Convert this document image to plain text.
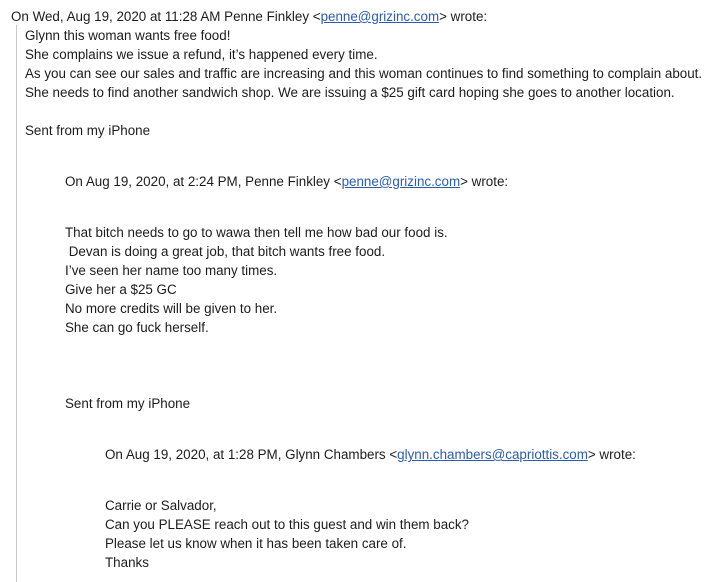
On Wed, Aug 19, 2020 at 11:28 AM Penne Finkley <penne@grizinc.com> wrote:
Glynn this woman wants free food!
She complains we issue a refund, it’s happened every time.
As you can see our sales and traffic are increasing and this woman continues to find something to complain about.
She needs to find another sandwich shop. We are issuing a $25 gift card hoping she goes to another location.
Sent from my iPhone
On Aug 19, 2020, at 2:24 PM, Penne Finkley <penne@grizinc.com> wrote:
That bitch needs to go to wawa then tell me how bad our food is.
Devan is doing a great job, that bitch wants free food.
I’ve seen her name too many times.
Give her a $25 GC
No more credits will be given to her.
She can go fuck herself.
Sent from my iPhone
On Aug 19, 2020, at 1:28 PM, Glynn Chambers <glynn.chambers@capriottis.com> wrote:
Carrie or Salvador,
Can you PLEASE reach out to this guest and win them back?
Please let us know when it has been taken care of.
Thanks
